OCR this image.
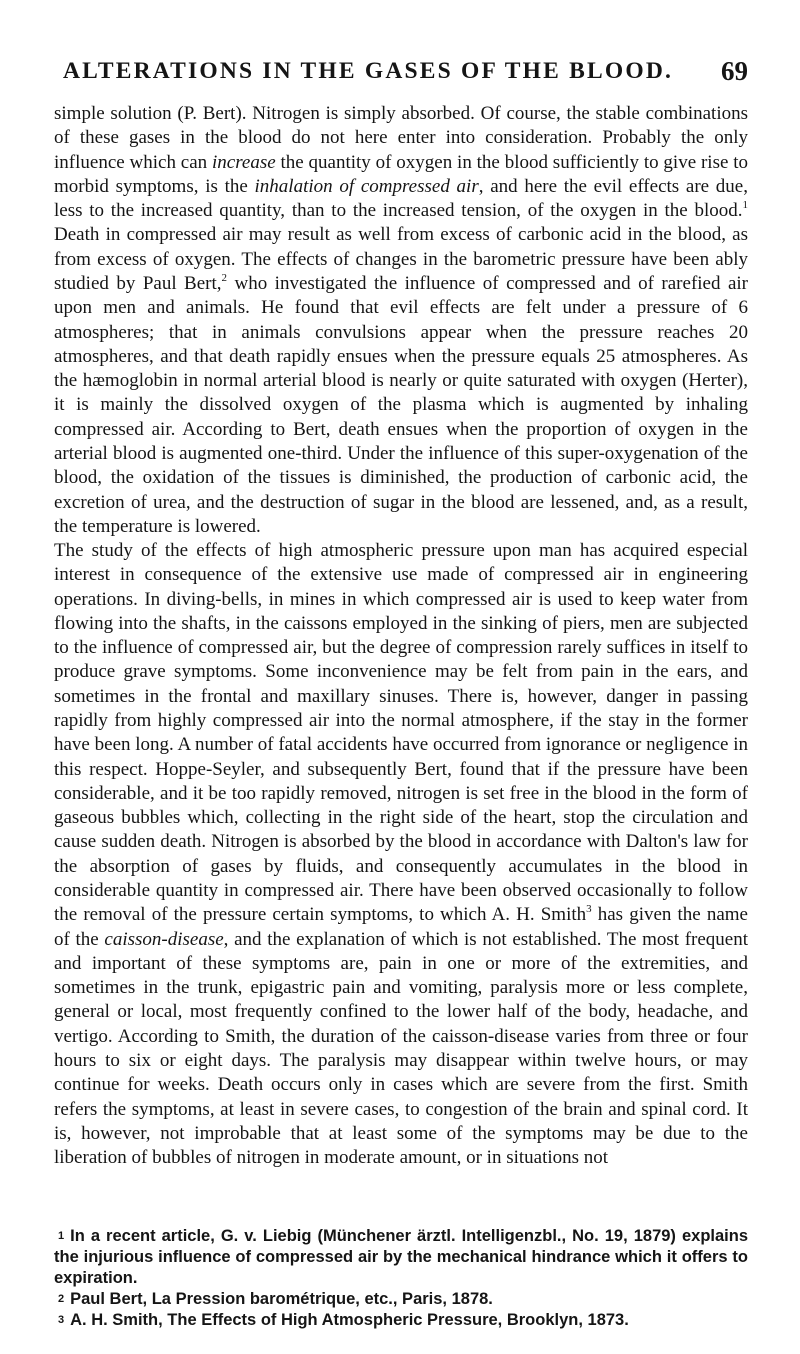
ALTERATIONS IN THE GASES OF THE BLOOD.	69

simple solution (P. Bert). Nitrogen is simply absorbed. Of course, the stable combinations of these gases in the blood do not here enter into consideration. Probably the only influence which can increase the quantity of oxygen in the blood sufficiently to give rise to morbid symptoms, is the inhalation of compressed air, and here the evil effects are due, less to the increased quantity, than to the increased tension, of the oxygen in the blood.$^1$ Death in compressed air may result as well from excess of carbonic acid in the blood, as from excess of oxygen. The effects of changes in the barometric pressure have been ably studied by Paul Bert,$^2$ who investigated the influence of compressed and of rarefied air upon men and animals. He found that evil effects are felt under a pressure of 6 atmospheres; that in animals convulsions appear when the pressure reaches 20 atmospheres, and that death rapidly ensues when the pressure equals 25 atmospheres. As the hæmoglobin in normal arterial blood is nearly or quite saturated with oxygen (Herter), it is mainly the dissolved oxygen of the plasma which is augmented by inhaling compressed air. According to Bert, death ensues when the proportion of oxygen in the arterial blood is augmented one-third. Under the influence of this super-oxygenation of the blood, the oxidation of the tissues is diminished, the production of carbonic acid, the excretion of urea, and the destruction of sugar in the blood are lessened, and, as a result, the temperature is lowered.

The study of the effects of high atmospheric pressure upon man has acquired especial interest in consequence of the extensive use made of compressed air in engineering operations. In diving-bells, in mines in which compressed air is used to keep water from flowing into the shafts, in the caissons employed in the sinking of piers, men are subjected to the influence of compressed air, but the degree of compression rarely suffices in itself to produce grave symptoms. Some inconvenience may be felt from pain in the ears, and sometimes in the frontal and maxillary sinuses. There is, however, danger in passing rapidly from highly compressed air into the normal atmosphere, if the stay in the former have been long. A number of fatal accidents have occurred from ignorance or negligence in this respect. Hoppe-Seyler, and subsequently Bert, found that if the pressure have been considerable, and it be too rapidly removed, nitrogen is set free in the blood in the form of gaseous bubbles which, collecting in the right side of the heart, stop the circulation and cause sudden death. Nitrogen is absorbed by the blood in accordance with Dalton's law for the absorption of gases by fluids, and consequently accumulates in the blood in considerable quantity in compressed air. There have been observed occasionally to follow the removal of the pressure certain symptoms, to which A. H. Smith$^3$ has given the name of the caisson-disease, and the explanation of which is not established. The most frequent and important of these symptoms are, pain in one or more of the extremities, and sometimes in the trunk, epigastric pain and vomiting, paralysis more or less complete, general or local, most frequently confined to the lower half of the body, headache, and vertigo. According to Smith, the duration of the caisson-disease varies from three or four hours to six or eight days. The paralysis may disappear within twelve hours, or may continue for weeks. Death occurs only in cases which are severe from the first. Smith refers the symptoms, at least in severe cases, to congestion of the brain and spinal cord. It is, however, not improbable that at least some of the symptoms may be due to the liberation of bubbles of nitrogen in moderate amount, or in situations not

$^1$ In a recent article, G. v. Liebig (Münchener ärztl. Intelligenzbl., No. 19, 1879) explains the injurious influence of compressed air by the mechanical hindrance which it offers to expiration.

$^2$ Paul Bert, La Pression barométrique, etc., Paris, 1878.

$^3$ A. H. Smith, The Effects of High Atmospheric Pressure, Brooklyn, 1873.
